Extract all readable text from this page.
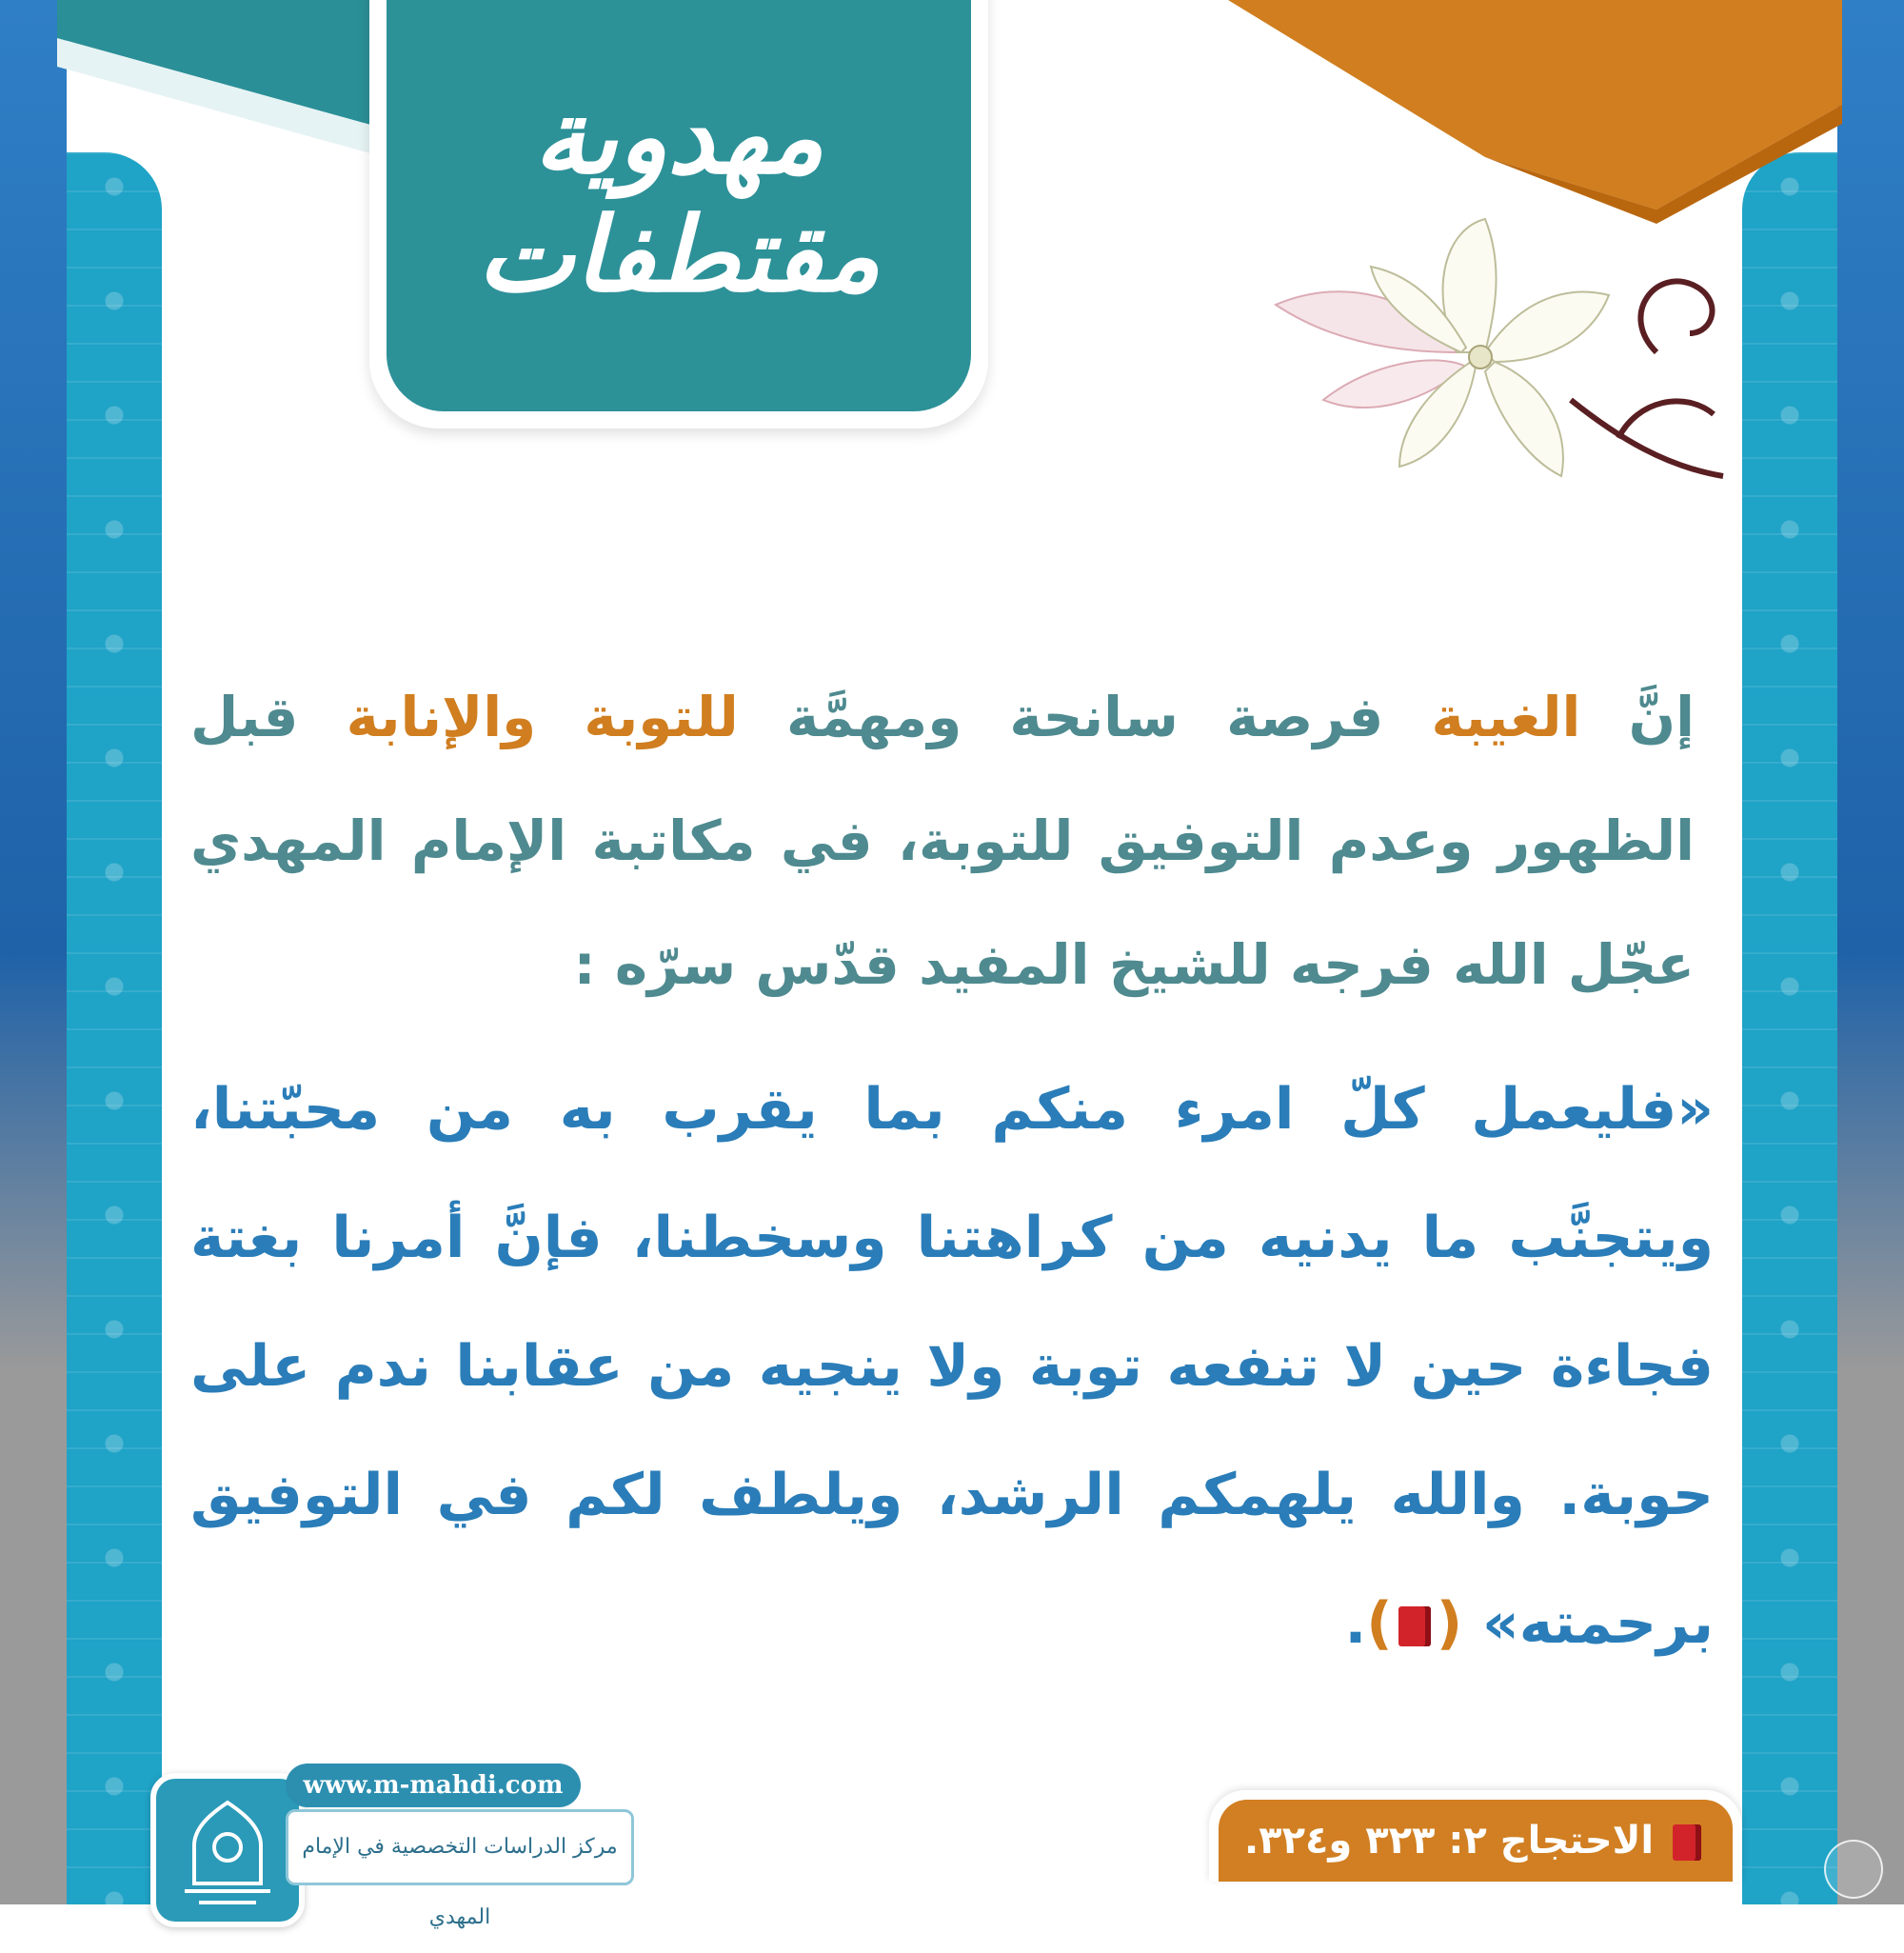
مهدوية
مقتطفات

إنَّ الغيبة فرصة سانحة ومهمَّة للتوبة والإنابة قبل الظهور وعدم التوفيق للتوبة، في مكاتبة الإمام المهدي عجّل الله فرجه للشيخ المفيد قدّس سرّه :

«فليعمل كلّ امرء منكم بما يقرب به من محبّتنا، ويتجنَّب ما يدنيه من كراهتنا وسخطنا، فإنَّ أمرنا بغتة فجاءة حين لا تنفعه توبة ولا ينجيه من عقابنا ندم على حوبة. والله يلهمكم الرشد، ويلطف لكم في التوفيق برحمته» ().

www.m-mahdi.com
مركز الدراسات التخصصية في الإمام المهدي
الاحتجاج ٢: ٣٢٣ و٣٢٤.
